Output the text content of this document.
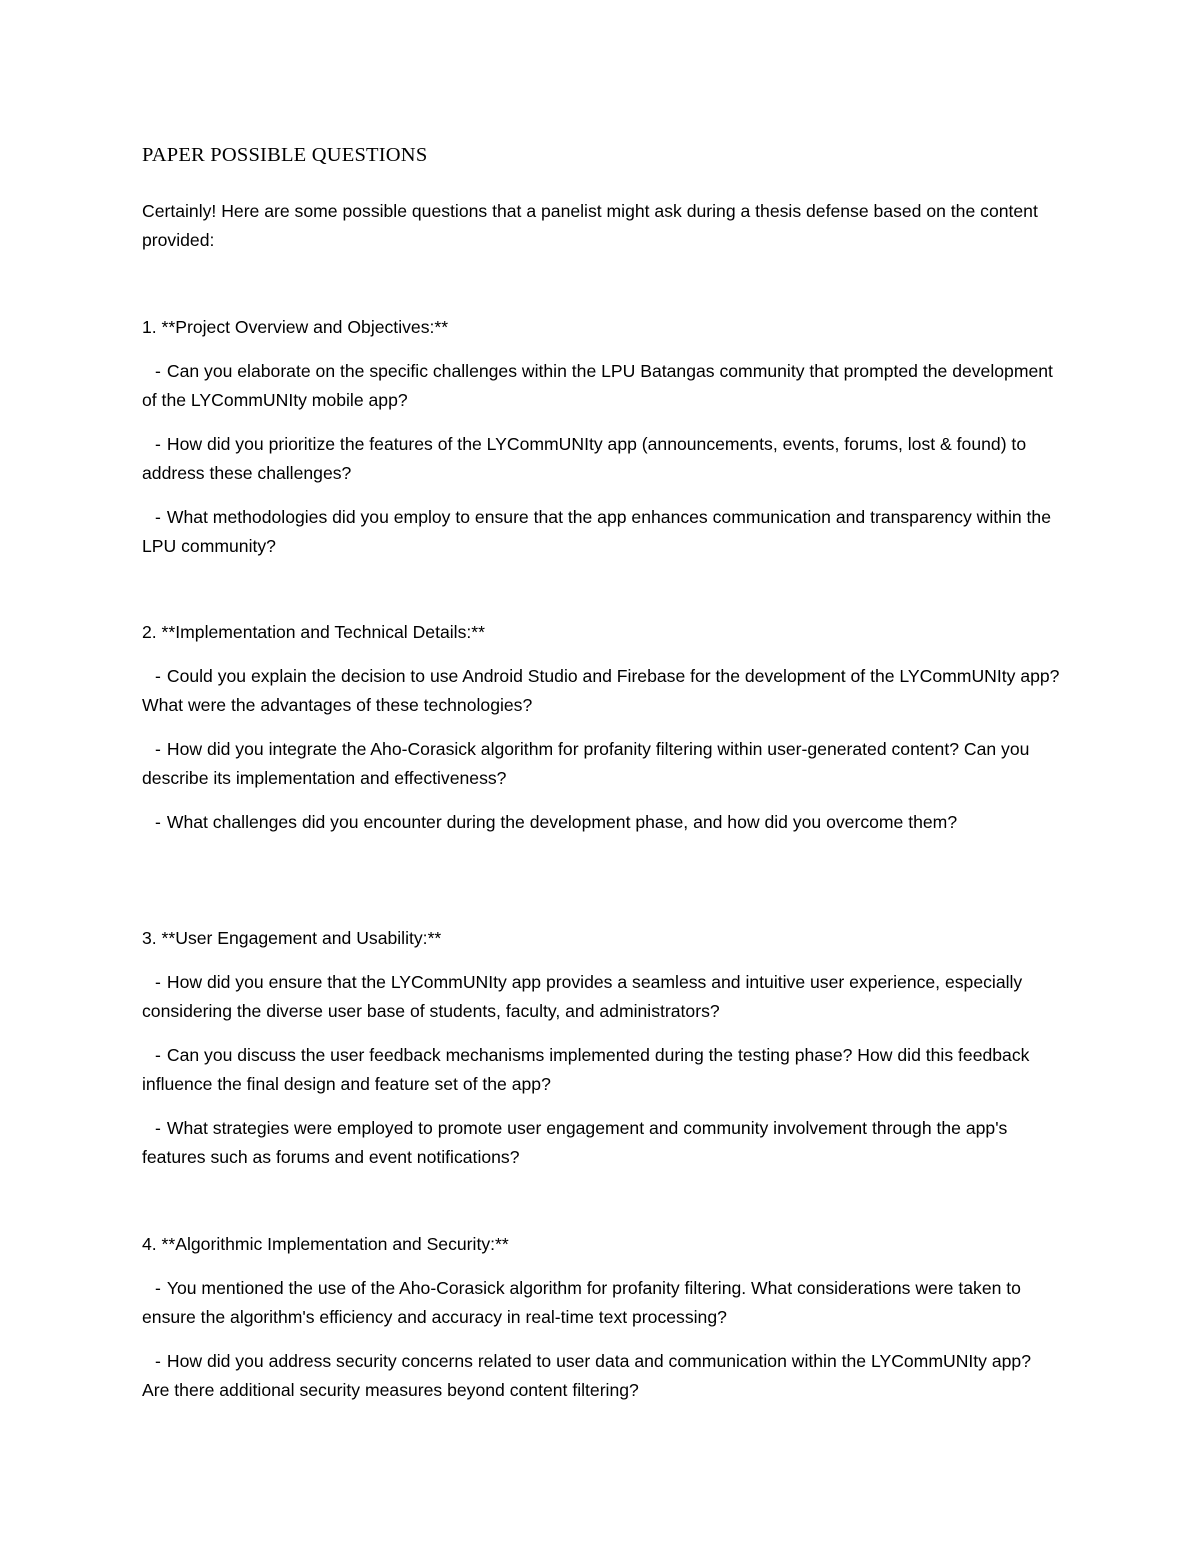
PAPER POSSIBLE QUESTIONS

Certainly! Here are some possible questions that a panelist might ask during a thesis defense based on the content provided:

1. **Project Overview and Objectives:**

- Can you elaborate on the specific challenges within the LPU Batangas community that prompted the development of the LYCommUNIty mobile app?

- How did you prioritize the features of the LYCommUNIty app (announcements, events, forums, lost & found) to address these challenges?

- What methodologies did you employ to ensure that the app enhances communication and transparency within the LPU community?

2. **Implementation and Technical Details:**

- Could you explain the decision to use Android Studio and Firebase for the development of the LYCommUNIty app? What were the advantages of these technologies?

- How did you integrate the Aho-Corasick algorithm for profanity filtering within user-generated content? Can you describe its implementation and effectiveness?

- What challenges did you encounter during the development phase, and how did you overcome them?

3. **User Engagement and Usability:**

- How did you ensure that the LYCommUNIty app provides a seamless and intuitive user experience, especially considering the diverse user base of students, faculty, and administrators?

- Can you discuss the user feedback mechanisms implemented during the testing phase? How did this feedback influence the final design and feature set of the app?

- What strategies were employed to promote user engagement and community involvement through the app's features such as forums and event notifications?

4. **Algorithmic Implementation and Security:**

- You mentioned the use of the Aho-Corasick algorithm for profanity filtering. What considerations were taken to ensure the algorithm's efficiency and accuracy in real-time text processing?

- How did you address security concerns related to user data and communication within the LYCommUNIty app? Are there additional security measures beyond content filtering?
